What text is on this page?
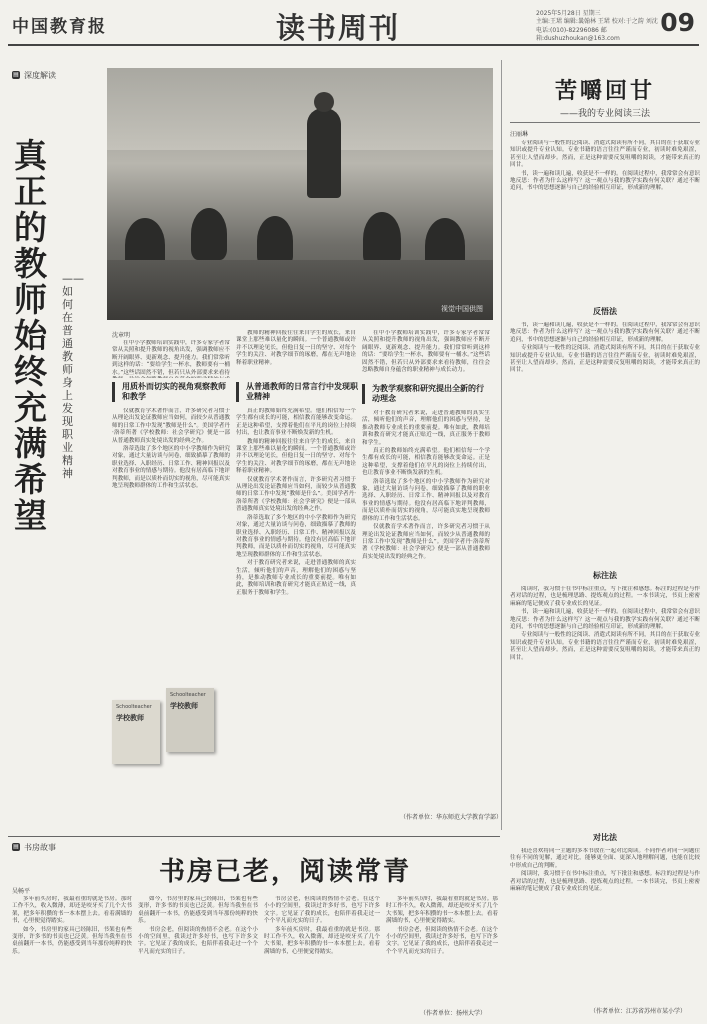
中国教育报	读书周刊	2025年5月28日 星期三
主编:王珺 编辑:曩翰林 王珺 校对:于之韵 刘沈
电话:(010)-82296086 邮箱:dushuzhoukan@163.com
09
▤ 深度解读
视觉中国供图
真正的教师始终充满希望
——如何在普通教师身上发现职业精神
沈章明

在中小学教师培训实践中，许多专家学者常常从关照和提升教师的视角出发，强调教师应不断开阔眼界、更新观念、提升能力。我们常常听到这样的话：“要给学生一杯水，教师要有一桶水。”这些话固然不错，但若只从外部要求来看待

用质朴而切实的视角观察教师和教学

仅就教育学术著作而言，许多研究者习惯于从理论出发论证教师应当如何，而较少从普通教师的日常工作中发现“教师是什么”。美国学者丹·洛蒂所著《学校教师：社会学研究》便是一部从普通教师真实处境出发的经典之作。

洛蒂选取了多个地区的中小学教师作为研究对象，通过大量访谈与问卷，细致描摹了教师的职业选择、入职经历、日常工作、精神回报以及对教育事业的情感与期待。他没有居高临下地评判教师，而是以质朴而切实的视角，尽可能真实地呈现教师群体的工作和生活状态。

Schoolteacher
学校教师
Schoolteacher
学校教师

教师的精神回报往往来自学生的成长，来自课堂上那些难以量化的瞬间。一个普通教师或许并不以理论见长，但他日复一日的坚守、对每个学生的关注、对教学细节的琢磨，都在无声地诠释着职业精神。

从普通教师的日常言行中发现职业精神

真正的教师始终充满希望。他们相信每一个学生都有成长的可能，相信教育能够改变命运。正是这种希望，支撑着他们在平凡的岗位上持续付出，也让教育事业不断焕发新的生机。

教师的精神回报往往来自学生的成长，来自课堂上那些难以量化的瞬间。一个普通教师或许并不以理论见长，但他日复一日的坚守、对每个学生的关注、对教学细节的琢磨，都在无声地诠释着职业精神。

仅就教育学术著作而言，许多研究者习惯于从理论出发论证教师应当如何，而较少从普通教师的日常工作中发现“教师是什么”。美国学者丹·洛蒂所著《学校教师：社会学研究》便是一部从普通教师真实处境出发的经典之作。

洛蒂选取了多个地区的中小学教师作为研究对象，通过大量访谈与问卷，细致描摹了教师的职业选择、入职经历、日常工作、精神回报以及对教育事业的情感与期待。他没有居高临下地评判教师，而是以质朴而切实的视角，尽可能真实地呈现教师群体的工作和生活状态。

对于教育研究者来说，走进普通教师的真实生活，倾听他们的声音，理解他们的困惑与坚持，是推动教师专业成长的重要前提。唯有如此，教师培训和教育研究才能真正贴近一线，真正服务于教师和学生。

在中小学教师培训实践中，许多专家学者常常从关照和提升教师的视角出发，强调教师应不断开阔眼界、更新观念、提升能力。我们常常听到这样的话：“要给学生一杯水，教师要有一桶水。”这些话固然不错，但若只从外部要求来看待教师，往往会忽略教师自身蕴含的职业精神与成长动力。

为教学观察和研究提出全新的行动理念

对于教育研究者来说，走进普通教师的真实生活，倾听他们的声音，理解他们的困惑与坚持，是推动教师专业成长的重要前提。唯有如此，教师培训和教育研究才能真正贴近一线，真正服务于教师和学生。

真正的教师始终充满希望。他们相信每一个学生都有成长的可能，相信教育能够改变命运。正是这种希望，支撑着他们在平凡的岗位上持续付出，也让教育事业不断焕发新的生机。

洛蒂选取了多个地区的中小学教师作为研究对象，通过大量访谈与问卷，细致描摹了教师的职业选择、入职经历、日常工作、精神回报以及对教育事业的情感与期待。他没有居高临下地评判教师，而是以质朴而切实的视角，尽可能真实地呈现教师群体的工作和生活状态。

仅就教育学术著作而言，许多研究者习惯于从理论出发论证教师应当如何，而较少从普通教师的日常工作中发现“教师是什么”。美国学者丹·洛蒂所著《学校教师：社会学研究》便是一部从普通教师真实处境出发的经典之作。

（作者单位：华东师范大学教育学部）
苦嚼回甘
——我的专业阅读三法
汪丽琳

专业阅读与一般性的泛阅读、消遣式阅读有所不同，其目的在于获取专业知识或提升专业认知。专业书籍的语言往往严谨而专业，初读时难免艰涩，甚至让人望而却步。然而，正是这种需要反复咀嚼的阅读，才能带来真正的回甘。

书，读一遍和读几遍，收获是不一样的。在阅读过程中，我常常会有意识地反思：作者为什么这样写？这一观点与我的教学实践有何关联？通过不断追问，书中的思想逐渐与自己的经验相互印证，形成新的理解。

反悟法

书，读一遍和读几遍，收获是不一样的。在阅读过程中，我常常会有意识地反思：作者为什么这样写？这一观点与我的教学实践有何关联？通过不断追问，书中的思想逐渐与自己的经验相互印证，形成新的理解。

专业阅读与一般性的泛阅读、消遣式阅读有所不同，其目的在于获取专业知识或提升专业认知。专业书籍的语言往往严谨而专业，初读时难免艰涩，甚至让人望而却步。然而，正是这种需要反复咀嚼的阅读，才能带来真正的回甘。

标注法

阅读时，我习惯于在书中标注重点，写下批注和感想。标注的过程是与作者对话的过程，也是梳理思路、提炼观点的过程。一本书读完，书页上密密麻麻的笔记便成了我专业成长的见证。

书，读一遍和读几遍，收获是不一样的。在阅读过程中，我常常会有意识地反思：作者为什么这样写？这一观点与我的教学实践有何关联？通过不断追问，书中的思想逐渐与自己的经验相互印证，形成新的理解。

专业阅读与一般性的泛阅读、消遣式阅读有所不同，其目的在于获取专业知识或提升专业认知。专业书籍的语言往往严谨而专业，初读时难免艰涩，甚至让人望而却步。然而，正是这种需要反复咀嚼的阅读，才能带来真正的回甘。

对比法

我还喜欢将同一主题的多本书放在一起对比阅读。不同作者对同一问题往往有不同的见解，通过对比，能够更全面、更深入地理解问题，也能在比较中形成自己的判断。

阅读时，我习惯于在书中标注重点，写下批注和感想。标注的过程是与作者对话的过程，也是梳理思路、提炼观点的过程。一本书读完，书页上密密麻麻的笔记便成了我专业成长的见证。

（作者单位：江苏省苏州市某小学）
▤ 书房故事
书房已老，阅读常青
吴畅平

多年前买房时，我最看重的就是书房。那时工作不久，收入微薄，却还是咬牙买了几个大书架，把多年积攒的书一本本摆上去。看着满墙的书，心里便觉得踏实。

如今，书房里的家具已经陈旧，书架也有些变形，许多书的书页也已泛黄。但每当我坐在书桌前翻开一本书，仍能感受到当年那份纯粹的快乐。

如今，书房里的家具已经陈旧，书架也有些变形，许多书的书页也已泛黄。但每当我坐在书桌前翻开一本书，仍能感受到当年那份纯粹的快乐。

书房会老，但阅读的热情不会老。在这个小小的空间里，我读过许多好书，也写下许多文字。它见证了我的成长，也陪伴着我走过一个个平凡而充实的日子。

书房会老，但阅读的热情不会老。在这个小小的空间里，我读过许多好书，也写下许多文字。它见证了我的成长，也陪伴着我走过一个个平凡而充实的日子。

多年前买房时，我最看重的就是书房。那时工作不久，收入微薄，却还是咬牙买了几个大书架，把多年积攒的书一本本摆上去。看着满墙的书，心里便觉得踏实。

多年前买房时，我最看重的就是书房。那时工作不久，收入微薄，却还是咬牙买了几个大书架，把多年积攒的书一本本摆上去。看着满墙的书，心里便觉得踏实。

书房会老，但阅读的热情不会老。在这个小小的空间里，我读过许多好书，也写下许多文字。它见证了我的成长，也陪伴着我走过一个个平凡而充实的日子。

（作者单位：扬州大学）
